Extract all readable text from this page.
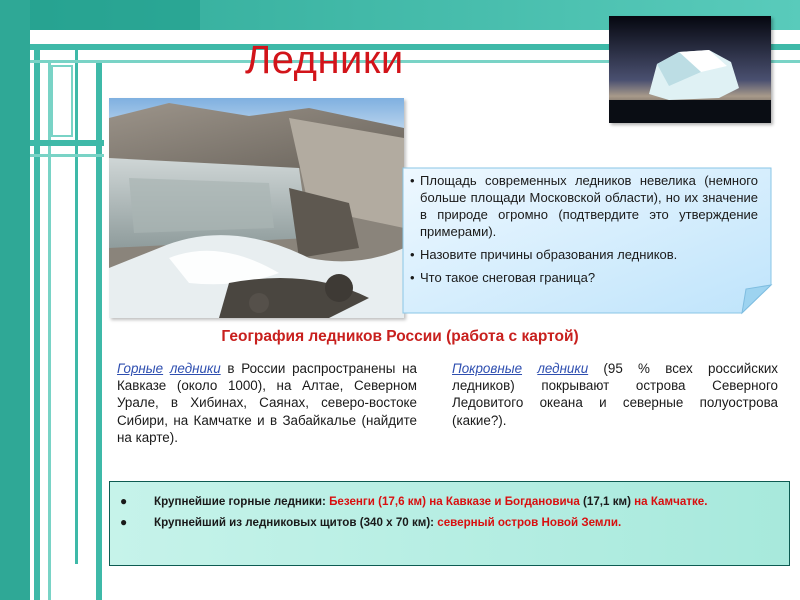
Ледники
• Площадь современных ледников невелика (немного больше площади Московской области), но их значение в природе огромно (подтвердите это утверждение примерами).
• Назовите причины образования ледников.
• Что такое снеговая граница?
География ледников России (работа с картой)
Горные ледники в России распространены на Кавказе (около 1000), на Алтае, Северном Урале, в Хибинах, Саянах, северо-востоке Сибири, на Камчатке и в Забайкалье (найдите на карте).
Покровные ледники (95 % всех российских ледников) покрывают острова Северного Ледовитого океана и северные полуострова (какие?).
●	Крупнейшие горные ледники: Безенги (17,6 км) на Кавказе и Богдановича (17,1 км) на Камчатке.
●	Крупнейший из ледниковых щитов (340 х 70 км): северный остров Новой Земли.
